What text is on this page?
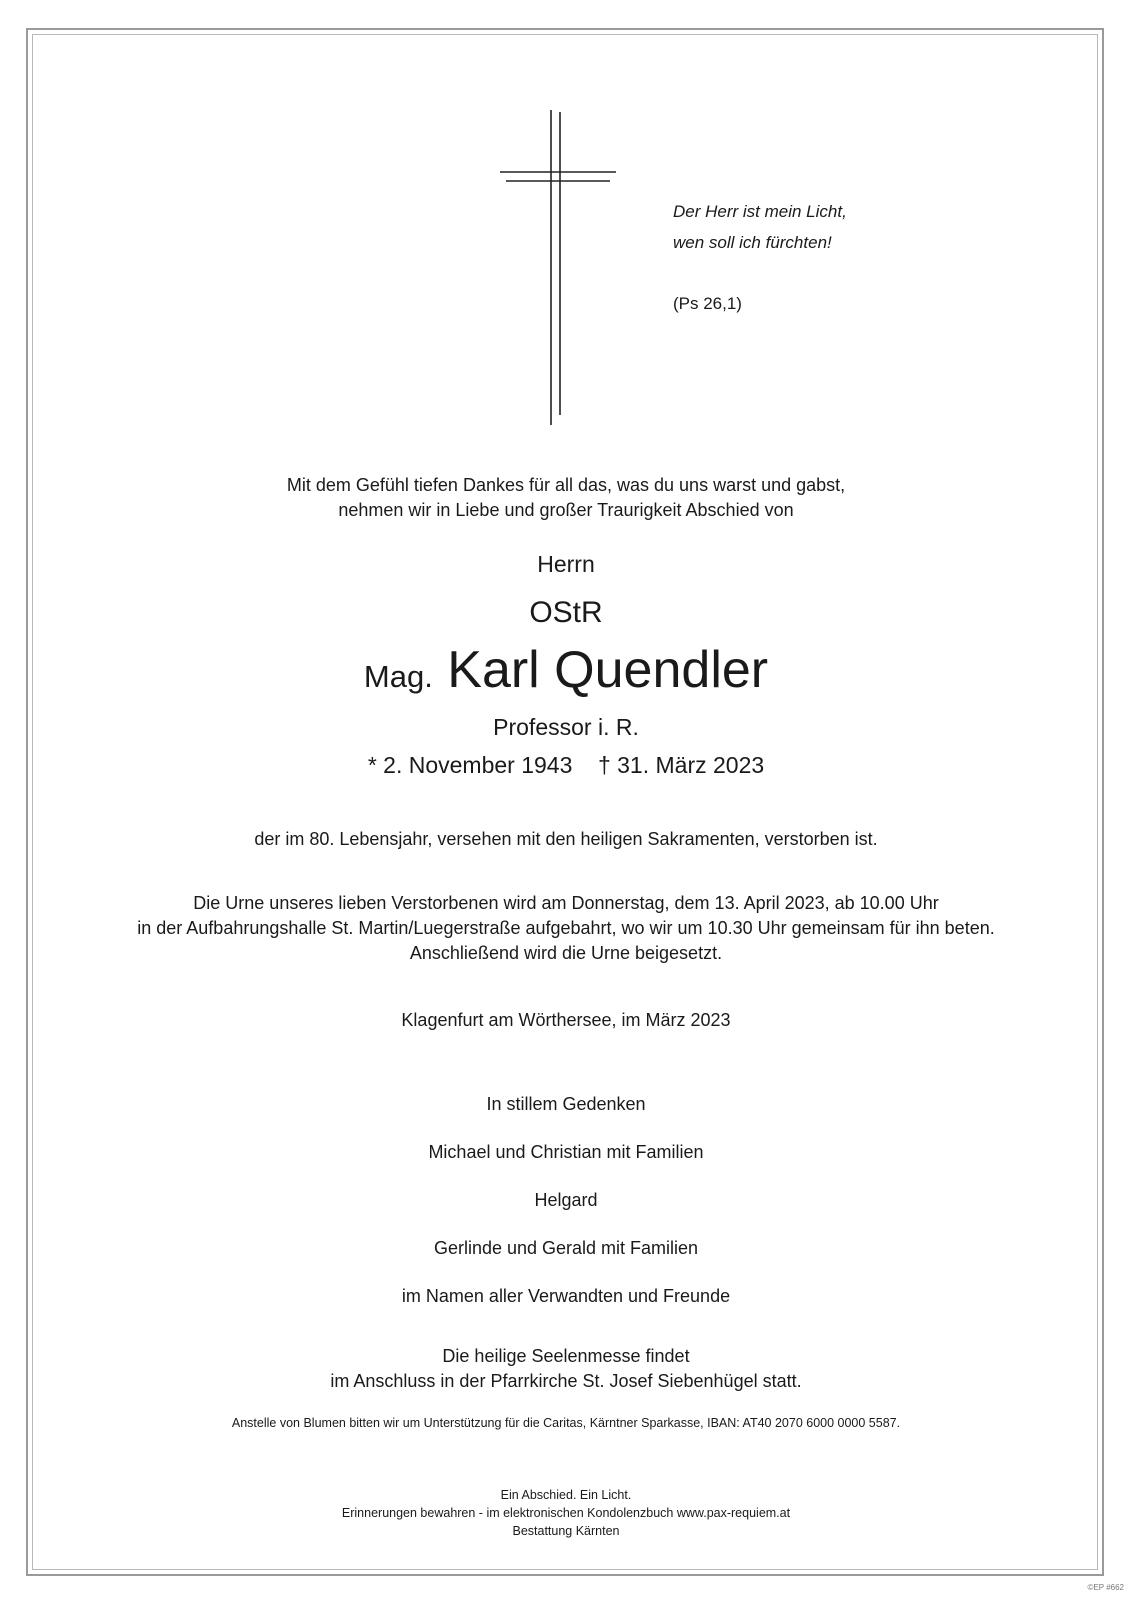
Der Herr ist mein Licht,
wen soll ich fürchten!
(Ps 26,1)
Mit dem Gefühl tiefen Dankes für all das, was du uns warst und gabst,
nehmen wir in Liebe und großer Traurigkeit Abschied von
Herrn
OStR
Mag. Karl Quendler
Professor i. R.
* 2. November 1943 † 31. März 2023
der im 80. Lebensjahr, versehen mit den heiligen Sakramenten, verstorben ist.
Die Urne unseres lieben Verstorbenen wird am Donnerstag, dem 13. April 2023, ab 10.00 Uhr
in der Aufbahrungshalle St. Martin/Luegerstraße aufgebahrt, wo wir um 10.30 Uhr gemeinsam für ihn beten.
Anschließend wird die Urne beigesetzt.
Klagenfurt am Wörthersee, im März 2023
In stillem Gedenken
Michael und Christian mit Familien
Helgard
Gerlinde und Gerald mit Familien
im Namen aller Verwandten und Freunde
Die heilige Seelenmesse findet
im Anschluss in der Pfarrkirche St. Josef Siebenhügel statt.
Anstelle von Blumen bitten wir um Unterstützung für die Caritas, Kärntner Sparkasse, IBAN: AT40 2070 6000 0000 5587.
Ein Abschied. Ein Licht.
Erinnerungen bewahren - im elektronischen Kondolenzbuch www.pax-requiem.at
Bestattung Kärnten
©EP #662
